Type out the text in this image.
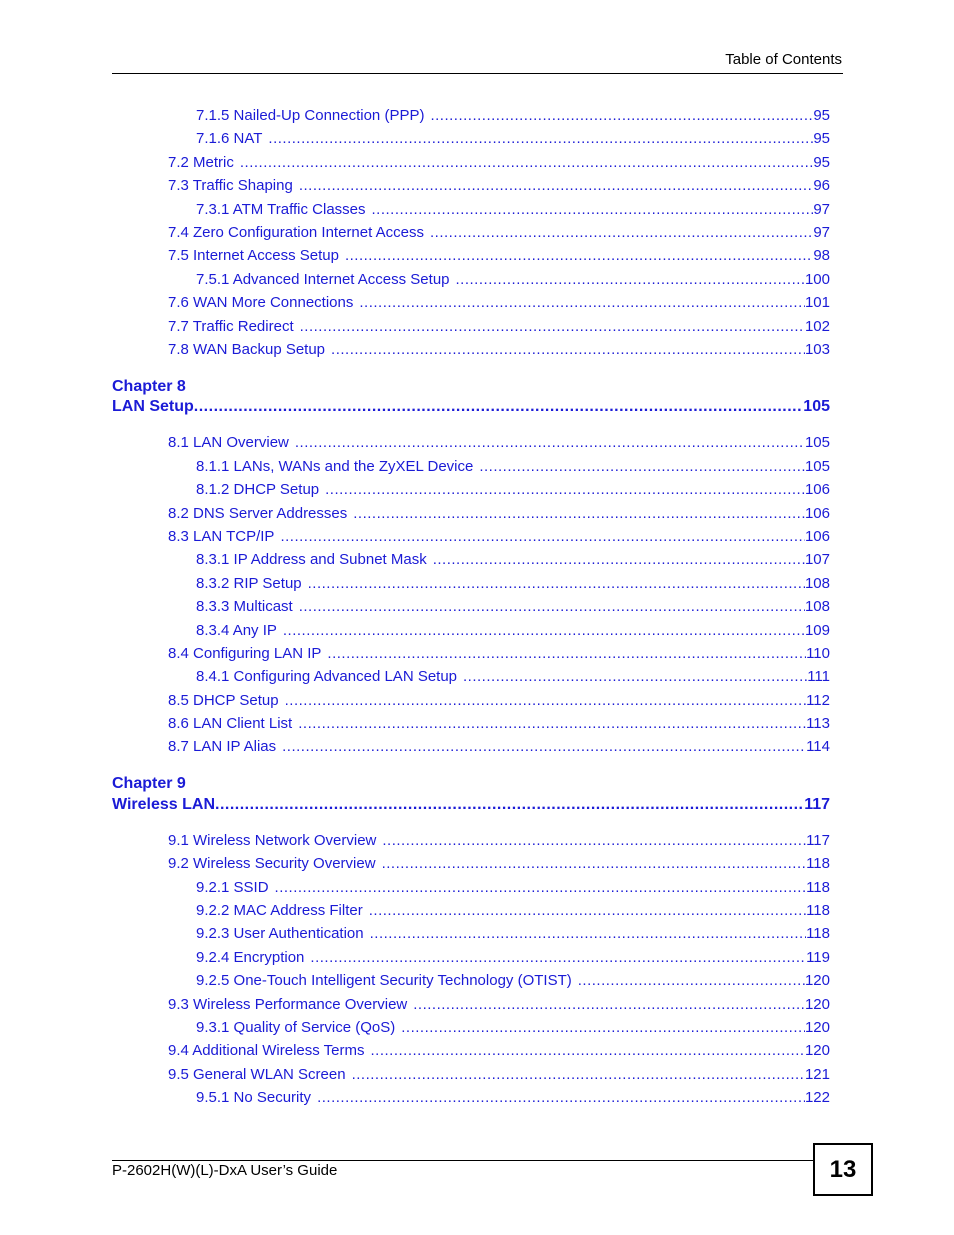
Table of Contents
7.1.5 Nailed-Up Connection (PPP) .....	95
7.1.6 NAT .....	95
7.2 Metric .....	95
7.3 Traffic Shaping .....	96
7.3.1 ATM Traffic Classes .....	97
7.4 Zero Configuration Internet Access .....	97
7.5 Internet Access Setup .....	98
7.5.1 Advanced Internet Access Setup .....	100
7.6 WAN More Connections .....	101
7.7 Traffic Redirect .....	102
7.8 WAN Backup Setup .....	103
Chapter 8
LAN Setup .....	105
8.1 LAN Overview .....	105
8.1.1 LANs, WANs and the ZyXEL Device .....	105
8.1.2 DHCP Setup .....	106
8.2 DNS Server Addresses .....	106
8.3 LAN TCP/IP .....	106
8.3.1 IP Address and Subnet Mask .....	107
8.3.2 RIP Setup .....	108
8.3.3 Multicast .....	108
8.3.4 Any IP .....	109
8.4 Configuring LAN IP .....	110
8.4.1 Configuring Advanced LAN Setup .....	111
8.5 DHCP Setup .....	112
8.6 LAN Client List .....	113
8.7 LAN IP Alias .....	114
Chapter 9
Wireless LAN .....	117
9.1 Wireless Network Overview .....	117
9.2 Wireless Security Overview .....	118
9.2.1 SSID .....	118
9.2.2 MAC Address Filter .....	118
9.2.3 User Authentication .....	118
9.2.4 Encryption .....	119
9.2.5 One-Touch Intelligent Security Technology (OTIST) .....	120
9.3 Wireless Performance Overview .....	120
9.3.1 Quality of Service (QoS) .....	120
9.4 Additional Wireless Terms .....	120
9.5 General WLAN Screen .....	121
9.5.1 No Security .....	122
P-2602H(W)(L)-DxA User’s Guide	13
